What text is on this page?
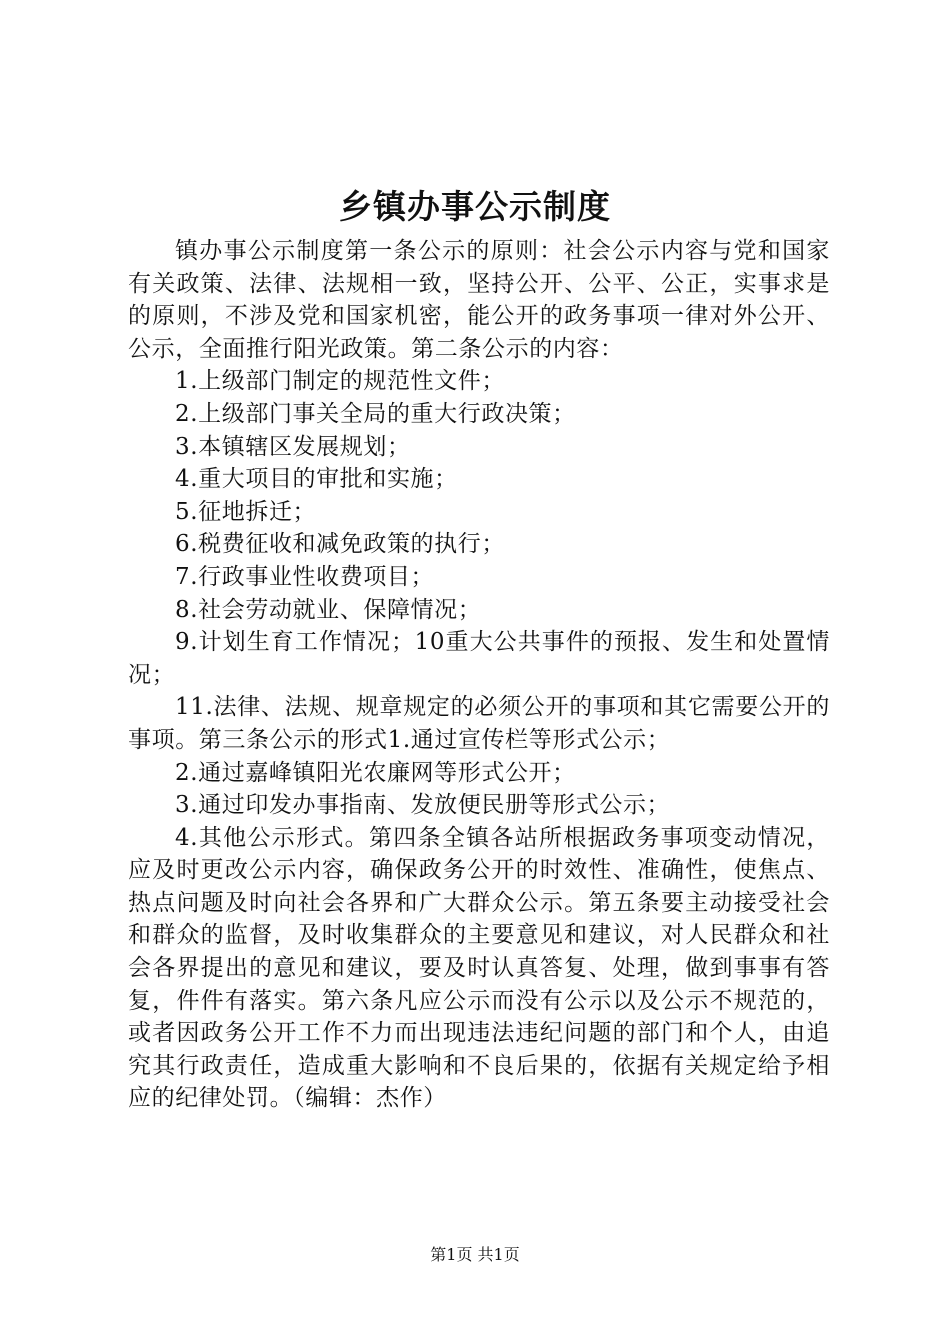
乡镇办事公示制度

镇办事公示制度第一条公示的原则：社会公示内容与党和国家有关政策、法律、法规相一致，坚持公开、公平、公正，实事求是的原则，不涉及党和国家机密，能公开的政务事项一律对外公开、公示，全面推行阳光政策。第二条公示的内容：

1.上级部门制定的规范性文件；

2.上级部门事关全局的重大行政决策；

3.本镇辖区发展规划；

4.重大项目的审批和实施；

5.征地拆迁；

6.税费征收和减免政策的执行；

7.行政事业性收费项目；

8.社会劳动就业、保障情况；

9.计划生育工作情况；10重大公共事件的预报、发生和处置情况；

11.法律、法规、规章规定的必须公开的事项和其它需要公开的事项。第三条公示的形式1.通过宣传栏等形式公示；

2.通过嘉峰镇阳光农廉网等形式公开；

3.通过印发办事指南、发放便民册等形式公示；

4.其他公示形式。第四条全镇各站所根据政务事项变动情况，应及时更改公示内容，确保政务公开的时效性、准确性，使焦点、热点问题及时向社会各界和广大群众公示。第五条要主动接受社会和群众的监督，及时收集群众的主要意见和建议，对人民群众和社会各界提出的意见和建议，要及时认真答复、处理，做到事事有答复，件件有落实。第六条凡应公示而没有公示以及公示不规范的，或者因政务公开工作不力而出现违法违纪问题的部门和个人，由追究其行政责任，造成重大影响和不良后果的，依据有关规定给予相应的纪律处罚。（编辑：杰作）

第1页 共1页
